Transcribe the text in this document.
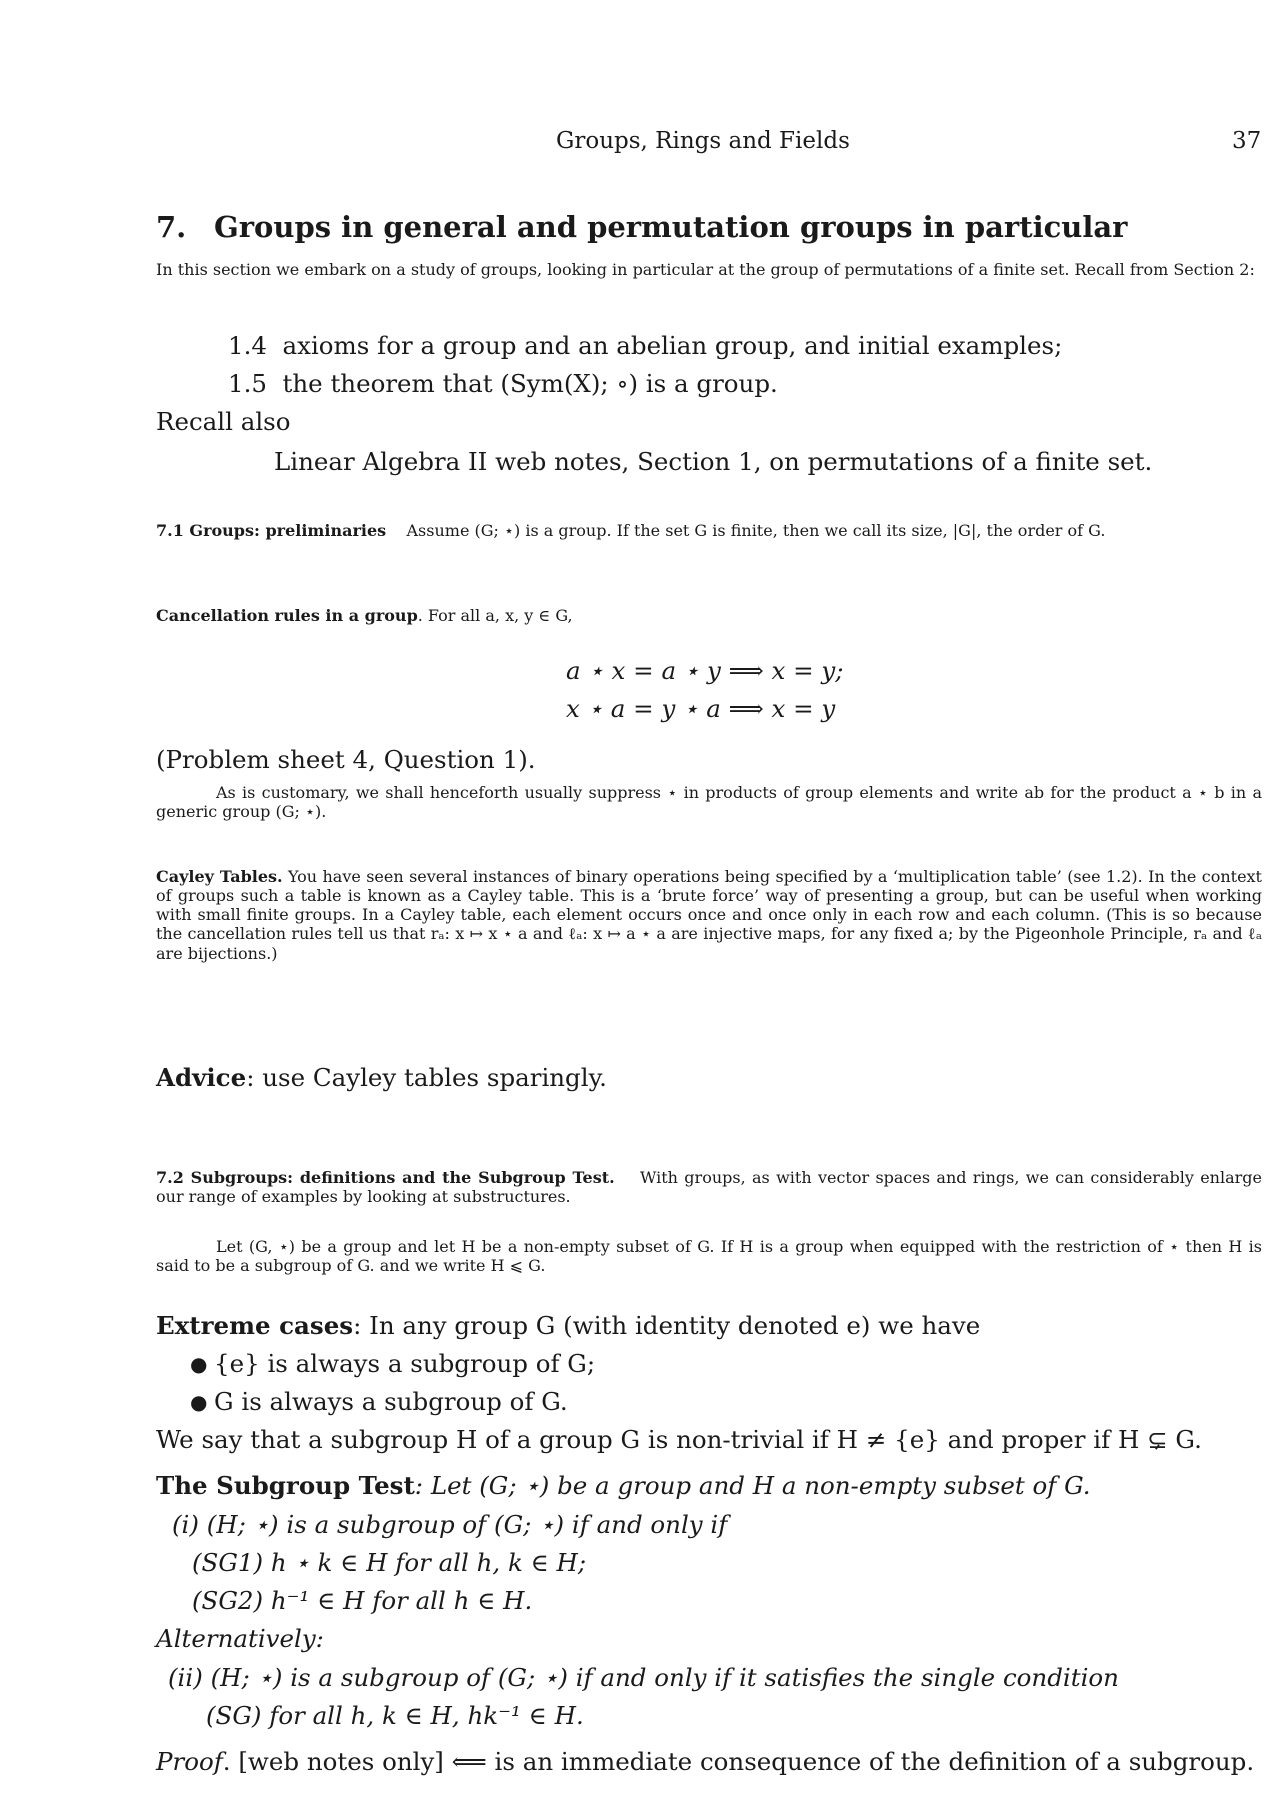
Groups, Rings and Fields	37
7. Groups in general and permutation groups in particular
In this section we embark on a study of groups, looking in particular at the group of permutations of a finite set. Recall from Section 2:
1.4 axioms for a group and an abelian group, and initial examples;
1.5 the theorem that (Sym(X); ∘) is a group.
Recall also
Linear Algebra II web notes, Section 1, on permutations of a finite set.
7.1 Groups: preliminaries Assume (G; ⋆) is a group. If the set G is finite, then we call its size, |G|, the order of G.
Cancellation rules in a group. For all a, x, y ∈ G,
a ⋆ x = a ⋆ y ⟹ x = y;
x ⋆ a = y ⋆ a ⟹ x = y
(Problem sheet 4, Question 1).
As is customary, we shall henceforth usually suppress ⋆ in products of group elements and write ab for the product a ⋆ b in a generic group (G; ⋆).
Cayley Tables. You have seen several instances of binary operations being specified by a ‘multiplication table’ (see 1.2). In the context of groups such a table is known as a Cayley table. This is a ‘brute force’ way of presenting a group, but can be useful when working with small finite groups. In a Cayley table, each element occurs once and once only in each row and each column. (This is so because the cancellation rules tell us that rₐ: x ↦ x ⋆ a and ℓₐ: x ↦ a ⋆ a are injective maps, for any fixed a; by the Pigeonhole Principle, rₐ and ℓₐ are bijections.)
Advice: use Cayley tables sparingly.
7.2 Subgroups: definitions and the Subgroup Test. With groups, as with vector spaces and rings, we can considerably enlarge our range of examples by looking at substructures.
Let (G, ⋆) be a group and let H be a non-empty subset of G. If H is a group when equipped with the restriction of ⋆ then H is said to be a subgroup of G. and we write H ⩽ G.
Extreme cases: In any group G (with identity denoted e) we have
● {e} is always a subgroup of G;
● G is always a subgroup of G.
We say that a subgroup H of a group G is non-trivial if H ≠ {e} and proper if H ⊊ G.
The Subgroup Test: Let (G; ⋆) be a group and H a non-empty subset of G.
(i) (H; ⋆) is a subgroup of (G; ⋆) if and only if
(SG1) h ⋆ k ∈ H for all h, k ∈ H;
(SG2) h⁻¹ ∈ H for all h ∈ H.
Alternatively:
(ii) (H; ⋆) is a subgroup of (G; ⋆) if and only if it satisfies the single condition
(SG) for all h, k ∈ H, hk⁻¹ ∈ H.
Proof. [web notes only] ⟸ is an immediate consequence of the definition of a subgroup.
